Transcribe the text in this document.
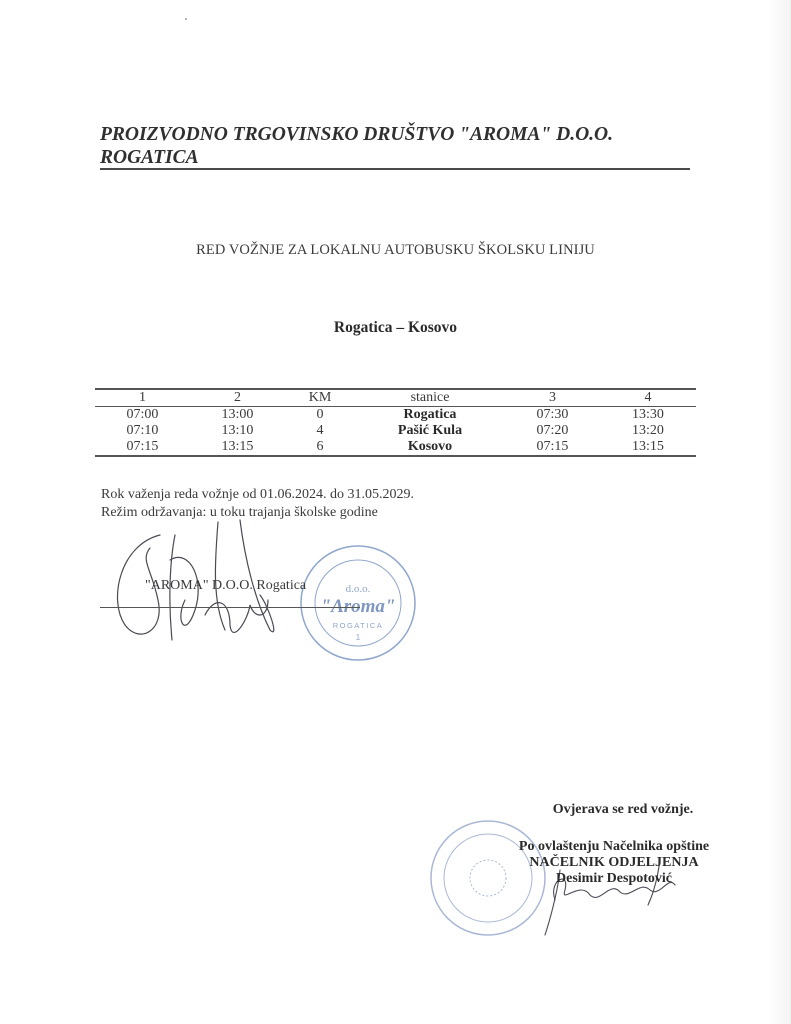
PROIZVODNO TRGOVINSKO DRUŠTVO "AROMA" D.O.O.
ROGATICA
RED VOŽNJE ZA LOKALNU AUTOBUSKU ŠKOLSKU LINIJU
Rogatica – Kosovo
1	2	KM	stanice	3	4
07:00	13:00	0	Rogatica	07:30	13:30
07:10	13:10	4	Pašić Kula	07:20	13:20
07:15	13:15	6	Kosovo	07:15	13:15
Rok važenja reda vožnje od 01.06.2024. do 31.05.2029.
Režim održavanja: u toku trajanja školske godine
d.o.o.
"Aroma"
ROGATICA
1
"AROMA" D.O.O. Rogatica
Ovjerava se red vožnje.
Po ovlaštenju Načelnika opštine
NAČELNIK ODJELJENJA
Desimir Despotović
